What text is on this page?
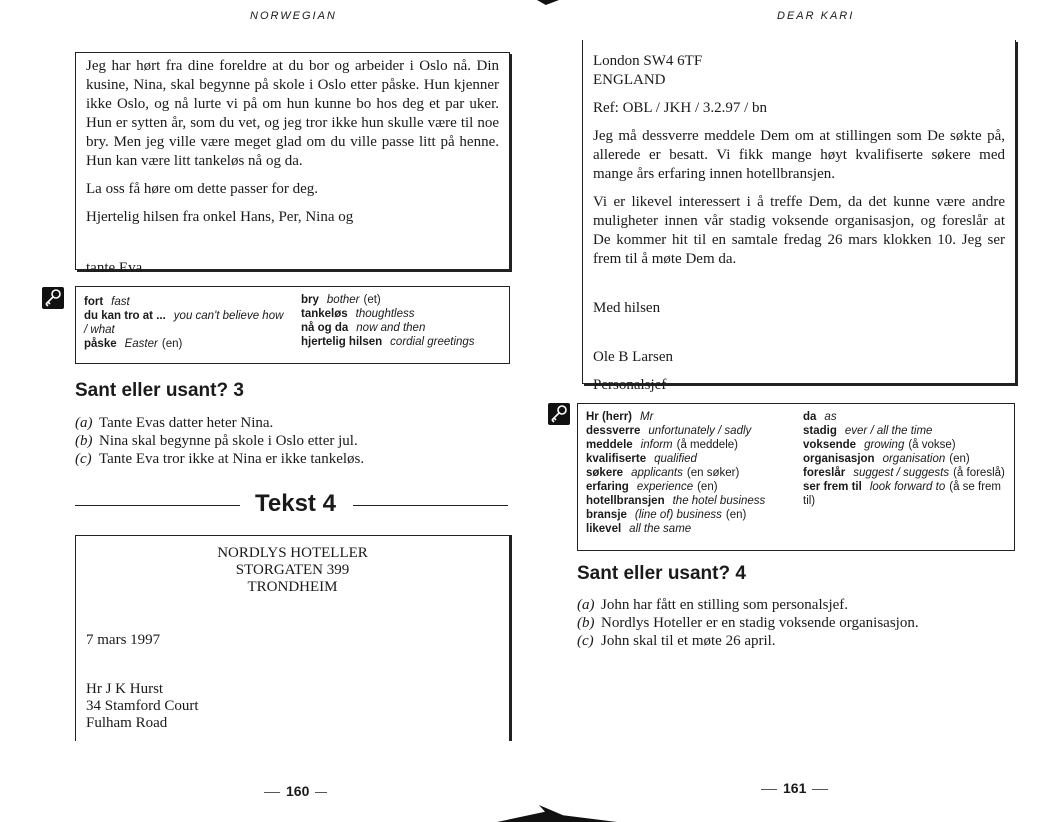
NORWEGIAN

Jeg har hørt fra dine foreldre at du bor og arbeider i Oslo nå. Din kusine, Nina, skal begynne på skole i Oslo etter påske. Hun kjenner ikke Oslo, og nå lurte vi på om hun kunne bo hos deg et par uker. Hun er sytten år, som du vet, og jeg tror ikke hun skulle være til noe bry. Men jeg ville være meget glad om du ville passe litt på henne. Hun kan være litt tankeløs nå og da.

La oss få høre om dette passer for deg.

Hjertelig hilsen fra onkel Hans, Per, Nina og

tante Eva

fort fast
du kan tro at ... you can't believe how / what
påske Easter (en)
bry bother (et)
tankeløs thoughtless
nå og da now and then
hjertelig hilsen cordial greetings
Sant eller usant? 3
(a) Tante Evas datter heter Nina.
(b) Nina skal begynne på skole i Oslo etter jul.
(c) Tante Eva tror ikke at Nina er ikke tankeløs.
Tekst 4
NORDLYS HOTELLER
STORGATEN 399
TRONDHEIM

7 mars 1997

Hr J K Hurst
34 Stamford Court
Fulham Road
160
DEAR KARI

London SW4 6TF

ENGLAND

Ref: OBL / JKH / 3.2.97 / bn

Jeg må dessverre meddele Dem om at stillingen som De søkte på, allerede er besatt. Vi fikk mange høyt kvalifiserte søkere med mange års erfaring innen hotellbransjen.

Vi er likevel interessert i å treffe Dem, da det kunne være andre muligheter innen vår stadig voksende organisasjon, og foreslår at De kommer hit til en samtale fredag 26 mars klokken 10. Jeg ser frem til å møte Dem da.

Med hilsen

Ole B Larsen

Personalsjef

Hr (herr) Mr
dessverre unfortunately / sadly
meddele inform (å meddele)
kvalifiserte qualified
søkere applicants (en søker)
erfaring experience (en)
hotellbransjen the hotel business
bransje (line of) business (en)
likevel all the same
da as
stadig ever / all the time
voksende growing (å vokse)
organisasjon organisation (en)
foreslår suggest / suggests (å foreslå)
ser frem til look forward to (å se frem til)
Sant eller usant? 4
(a) John har fått en stilling som personalsjef.
(b) Nordlys Hoteller er en stadig voksende organisasjon.
(c) John skal til et møte 26 april.
161
